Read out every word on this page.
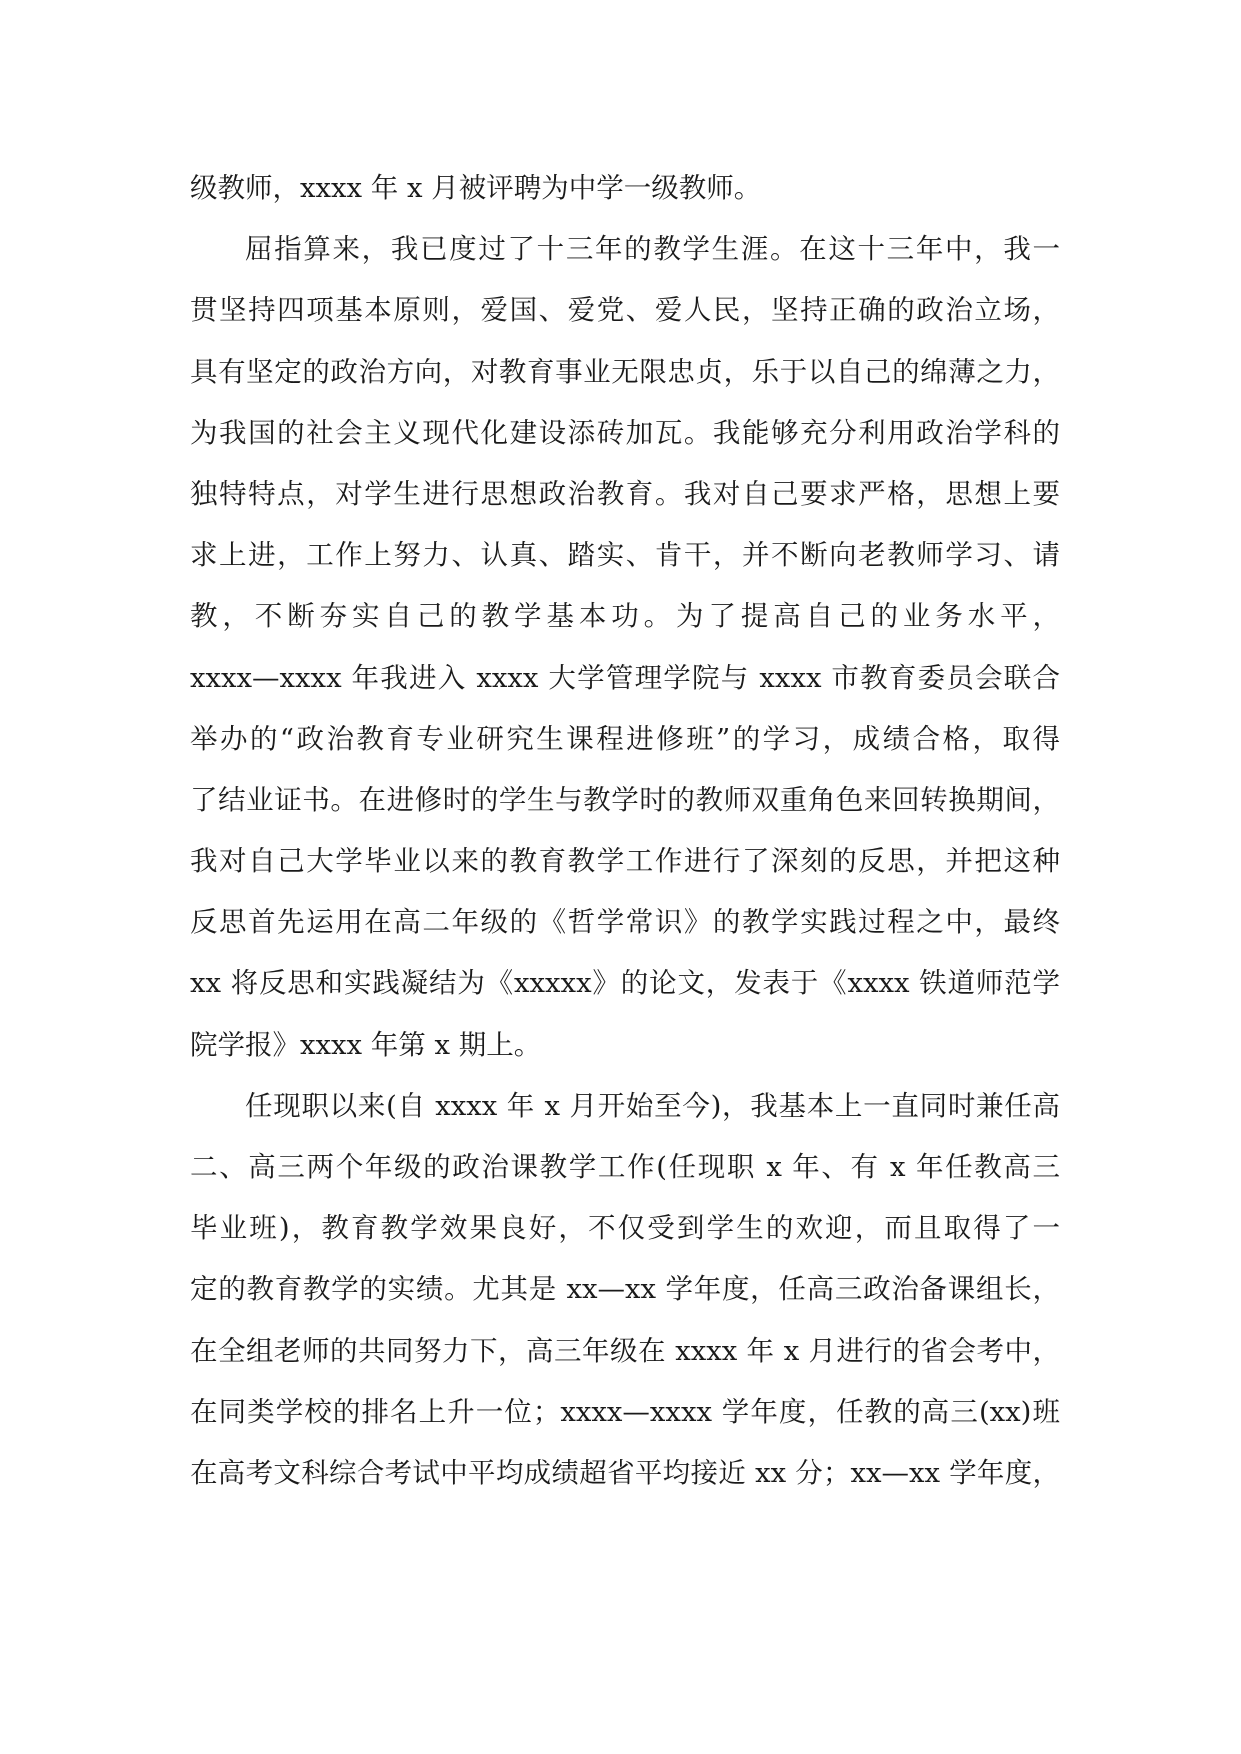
级教师，xxxx 年 x 月被评聘为中学一级教师。
屈指算来，我已度过了十三年的教学生涯。在这十三年中，我一
贯坚持四项基本原则，爱国、爱党、爱人民，坚持正确的政治立场，
具有坚定的政治方向，对教育事业无限忠贞，乐于以自己的绵薄之力，
为我国的社会主义现代化建设添砖加瓦。我能够充分利用政治学科的
独特特点，对学生进行思想政治教育。我对自己要求严格，思想上要
求上进，工作上努力、认真、踏实、肯干，并不断向老教师学习、请
教，不断夯实自己的教学基本功。为了提高自己的业务水平，
xxxx—xxxx 年我进入 xxxx 大学管理学院与 xxxx 市教育委员会联合
举办的“政治教育专业研究生课程进修班”的学习，成绩合格，取得
了结业证书。在进修时的学生与教学时的教师双重角色来回转换期间，
我对自己大学毕业以来的教育教学工作进行了深刻的反思，并把这种
反思首先运用在高二年级的《哲学常识》的教学实践过程之中，最终
xx 将反思和实践凝结为《xxxxx》的论文，发表于《xxxx 铁道师范学
院学报》xxxx 年第 x 期上。
任现职以来(自 xxxx 年 x 月开始至今)，我基本上一直同时兼任高
二、高三两个年级的政治课教学工作(任现职 x 年、有 x 年任教高三
毕业班)，教育教学效果良好，不仅受到学生的欢迎，而且取得了一
定的教育教学的实绩。尤其是 xx—xx 学年度，任高三政治备课组长，
在全组老师的共同努力下，高三年级在 xxxx 年 x 月进行的省会考中，
在同类学校的排名上升一位；xxxx—xxxx 学年度，任教的高三(xx)班
在高考文科综合考试中平均成绩超省平均接近 xx 分；xx—xx 学年度，
